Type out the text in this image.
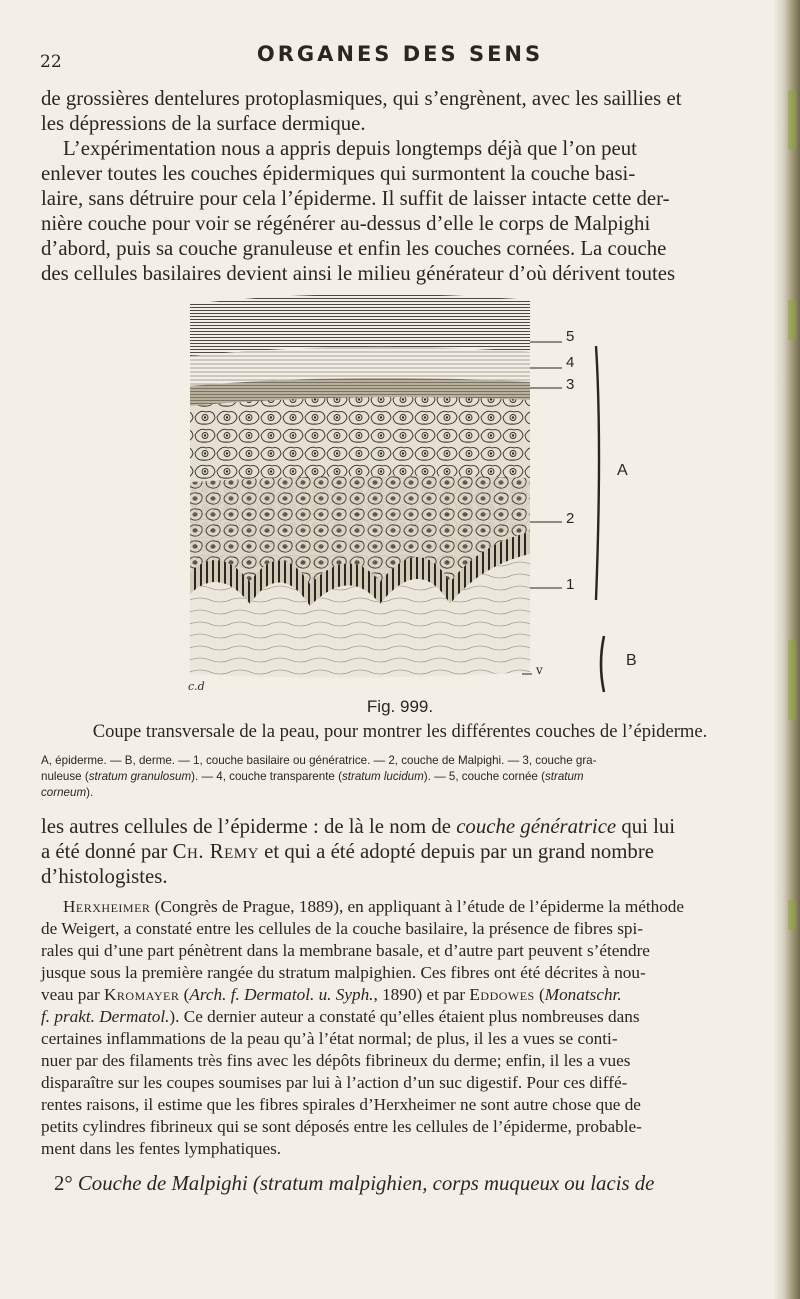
22	ORGANES DES SENS
de grossières dentelures protoplasmiques, qui s’engrènent, avec les saillies et
les dépressions de la surface dermique.
L’expérimentation nous a appris depuis longtemps déjà que l’on peut
enlever toutes les couches épidermiques qui surmontent la couche basi-
laire, sans détruire pour cela l’épiderme. Il suffit de laisser intacte cette der-
nière couche pour voir se régénérer au-dessus d’elle le corps de Malpighi
d’abord, puis sa couche granuleuse et enfin les couches cornées. La couche
des cellules basilaires devient ainsi le milieu générateur d’où dérivent toutes
5
4
3
2
1
A
B
c.d
v
Fig. 999.
Coupe transversale de la peau, pour montrer les différentes couches de l’épiderme.
A, épiderme. — B, derme. — 1, couche basilaire ou génératrice. — 2, couche de Malpighi. — 3, couche gra-
nuleuse (stratum granulosum). — 4, couche transparente (stratum lucidum). — 5, couche cornée (stratum
corneum).
les autres cellules de l’épiderme : de là le nom de couche génératrice qui lui
a été donné par Ch. Remy et qui a été adopté depuis par un grand nombre
d’histologistes.
Herxheimer (Congrès de Prague, 1889), en appliquant à l’étude de l’épiderme la méthode
de Weigert, a constaté entre les cellules de la couche basilaire, la présence de fibres spi-
rales qui d’une part pénètrent dans la membrane basale, et d’autre part peuvent s’étendre
jusque sous la première rangée du stratum malpighien. Ces fibres ont été décrites à nou-
veau par Kromayer (Arch. f. Dermatol. u. Syph., 1890) et par Eddowes (Monatschr.
f. prakt. Dermatol.). Ce dernier auteur a constaté qu’elles étaient plus nombreuses dans
certaines inflammations de la peau qu’à l’état normal; de plus, il les a vues se conti-
nuer par des filaments très fins avec les dépôts fibrineux du derme; enfin, il les a vues
disparaître sur les coupes soumises par lui à l’action d’un suc digestif. Pour ces diffé-
rentes raisons, il estime que les fibres spirales d’Herxheimer ne sont autre chose que de
petits cylindres fibrineux qui se sont déposés entre les cellules de l’épiderme, probable-
ment dans les fentes lymphatiques.
2° Couche de Malpighi (stratum malpighien, corps muqueux ou lacis de
